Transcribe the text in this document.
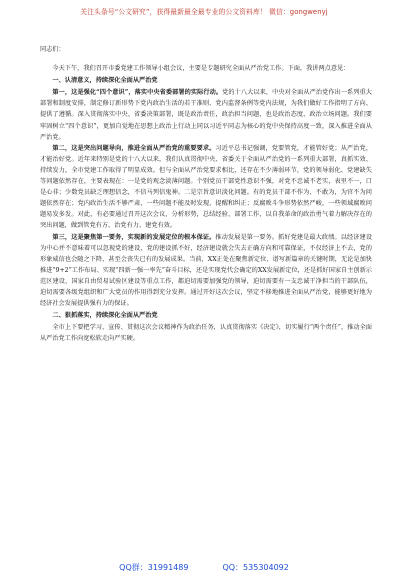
关注头条号“公文研究”，获得最新最全最专业的公文资料库！ 微信：gongwenyj

同志们：

今天下午，我们召开市委党建工作领导小组会议，主要是专题研究全面从严治党工作。下面，我讲两点意见：

一、认清意义，持续深化全面从严治党

第一，这是强化“四个意识”，落实中央省委部署的实际行动。党的十八大以来，中央对全面从严治党作出一系列重大部署和制度安排，制定修订新形势下党内政治生活的若干准则、党内监督条例等党内法规，为我们做好工作指明了方向、提供了遵循。深入贯彻落实中央、省委决策部署，既是政治责任，政治担当问题，也是政治态度、政治立场问题。我们要牢固树立“四个意识”，更加自觉地在思想上政治上行动上同以习近平同志为核心的党中央保持高度一致，深入推进全面从严治党。

第二，这是突出问题导向，推进全面从严治党的重要要求。习近平总书记强调，党要管党，才能管好党；从严治党，才能治好党。近年来特别是党的十八大以来，我们认真贯彻中央、省委关于全面从严治党的一系列重大部署，真抓实效、持续发力，全市党建工作取得了明显成效。但与全面从严治党要求相比，还存在不少薄弱环节，党的领导弱化、党建缺失等问题依然存在，主要表现在：一是党的观念淡薄问题。个别党员干部党性意识不强，对党不忠诚不老实，表里不一，口是心非；少数党员缺乏理想信念，不信马列信鬼神。二是宗旨意识淡化问题。有的党员干部不作为、不敢为，为官不为问题依然存在；党内政治生活不够严肃，一些问题不能及时发现、提醒和纠正；反腐败斗争形势依然严峻，一些领域腐败问题易发多发。对此，有必要通过召开这次会议，分析形势，总结经验、部署工作，以自我革命的政治勇气着力解决存在的突出问题，做到管党有方、治党有力、建党有效。

第三，这是聚焦第一要务，实现新的发展定位的根本保证。推动发展是第一要务。抓好党建是最大政绩。以经济建设为中心并不意味着可以忽视党的建设，党的建设抓不好，经济建设就会失去正确方向和可靠保证，不仅经济上不去，党的形象威信也会随之下降，甚至会丧失已有的发展成果。当前，XX正处在聚焦新定位、谱写新篇章的关键时期，无论是加快推进“9+2”工作布局、实现“四新一强一率先”奋斗目标，还是实现党代会确定的XX发展新定位，还是抓好国家自主创新示范区建设、国家自由贸易试验区建设等重点工作，都迫切需要加强党的领导，迫切需要有一支忠诚干净担当的干部队伍，迫切需要各级党组织和广大党员的作用得到充分发挥。通过开好这次会议，坚定不移地推进全面从严治党，能够更好地为经济社会发展提供强有力的保证。

二、狠抓落实，持续深化全面从严治党

全市上下要把学习、宣传、贯彻这次会议精神作为政治任务，认真贯彻落实《决定》，切实履行“两个责任”，推动全面从严治党工作向宽松软走向严实硬。

QQ群：31991489	QQ：535304092
